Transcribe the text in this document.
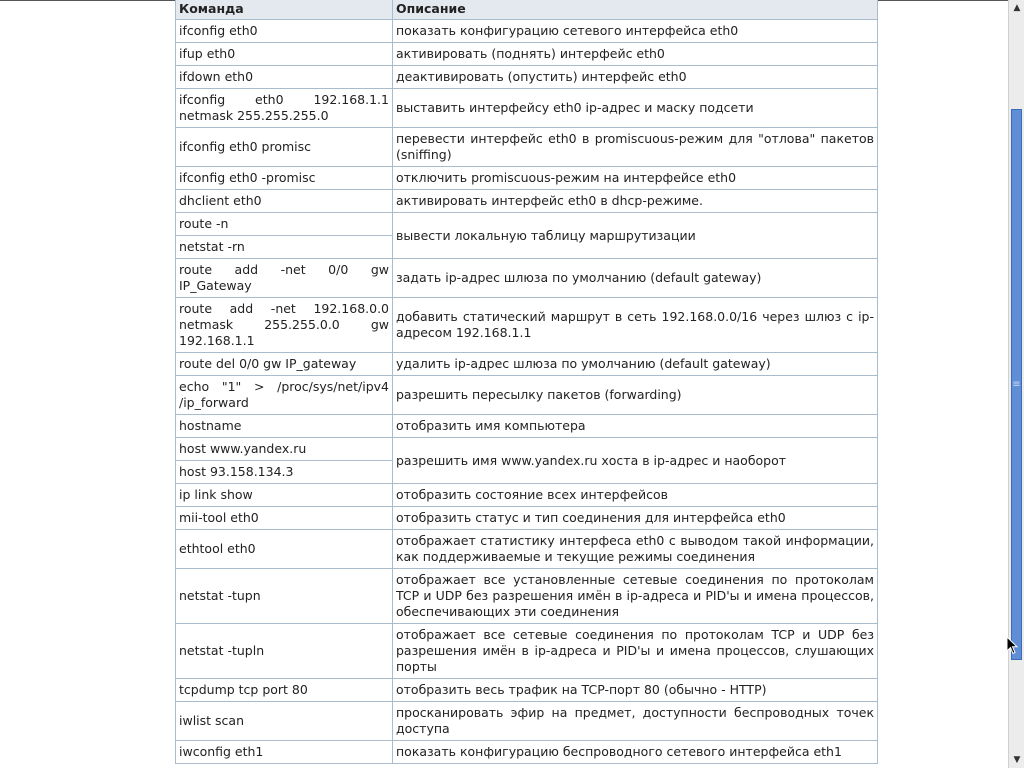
Команда	Описание
ifconfig eth0	показать конфигурацию сетевого интерфейса eth0
ifup eth0	активировать (поднять) интерфейс eth0
ifdown eth0	деактивировать (опустить) интерфейс eth0
ifconfig eth0 192.168.1.1 netmask 255.255.255.0	выставить интерфейсу eth0 ip-адрес и маску подсети
ifconfig eth0 promisc	перевести интерфейс eth0 в promiscuous-режим для "отлова" пакетов (sniffing)
ifconfig eth0 -promisc	отключить promiscuous-режим на интерфейсе eth0
dhclient eth0	активировать интерфейс eth0 в dhcp-режиме.
route -n	вывести локальную таблицу маршрутизации
netstat -rn	
route add -net 0/0 gw IP_Gateway	задать ip-адрес шлюза по умолчанию (default gateway)
route add -net 192.168.0.0 netmask 255.255.0.0 gw 192.168.1.1	добавить статический маршрут в сеть 192.168.0.0/16 через шлюз с ip-адресом 192.168.1.1
route del 0/0 gw IP_gateway	удалить ip-адрес шлюза по умолчанию (default gateway)
echo "1" > /proc/sys/net/ipv4 /ip_forward	разрешить пересылку пакетов (forwarding)
hostname	отобразить имя компьютера
host www.yandex.ru	разрешить имя www.yandex.ru хоста в ip-адрес и наоборот
host 93.158.134.3	
ip link show	отобразить состояние всех интерфейсов
mii-tool eth0	отобразить статус и тип соединения для интерфейса eth0
ethtool eth0	отображает статистику интерфеса eth0 с выводом такой информации, как поддерживаемые и текущие режимы соединения
netstat -tupn	отображает все установленные сетевые соединения по протоколам TCP и UDP без разрешения имён в ip-адреса и PID'ы и имена процессов, обеспечивающих эти соединения
netstat -tupln	отображает все сетевые соединения по протоколам TCP и UDP без разрешения имён в ip-адреса и PID'ы и имена процессов, слушающих порты
tcpdump tcp port 80	отобразить весь трафик на TCP-порт 80 (обычно - HTTP)
iwlist scan	просканировать эфир на предмет, доступности беспроводных точек доступа
iwconfig eth1	показать конфигурацию беспроводного сетевого интерфейса eth1
▲
≡
▼
